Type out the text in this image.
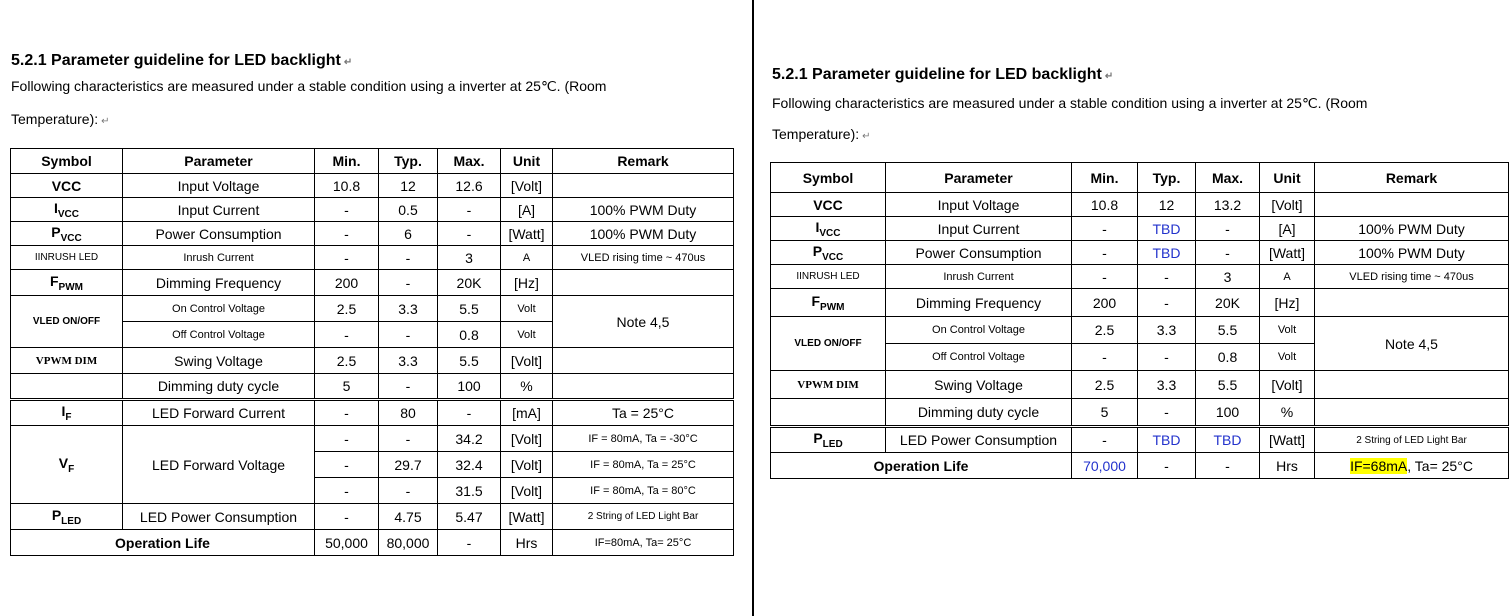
5.2.1 Parameter guideline for LED backlight ↵
Following characteristics are measured under a stable condition using a inverter at 25℃. (Room
Temperature): ↵
Symbol	Parameter	Min.	Typ.	Max.	Unit	Remark
VCC	Input Voltage	10.8	12	12.6	[Volt]	
$I_{VCC}$	Input Current	-	0.5	-	[A]	100% PWM Duty
$P_{VCC}$	Power Consumption	-	6	-	[Watt]	100% PWM Duty
IINRUSH LED	Inrush Current	-	-	3	A	VLED rising time ~ 470us
$F_{PWM}$	Dimming Frequency	200	-	20K	[Hz]	
VLED ON/OFF	On Control Voltage	2.5	3.3	5.5	Volt	Note 4,5
	Off Control Voltage	-	-	0.8	Volt	
VPWM DIM	Swing Voltage	2.5	3.3	5.5	[Volt]	
	Dimming duty cycle	5	-	100	%	
$I_F$	LED Forward Current	-	80	-	[mA]	Ta = 25°C
$V_F$	LED Forward Voltage	-	-	34.2	[Volt]	IF = 80mA, Ta = -30°C
		-	29.7	32.4	[Volt]	IF = 80mA, Ta = 25°C
		-	-	31.5	[Volt]	IF = 80mA, Ta = 80°C
$P_{LED}$	LED Power Consumption	-	4.75	5.47	[Watt]	2 String of LED Light Bar
Operation Life		50,000	80,000	-	Hrs	IF=80mA, Ta= 25°C
5.2.1 Parameter guideline for LED backlight ↵
Following characteristics are measured under a stable condition using a inverter at 25℃. (Room
Temperature): ↵
Symbol	Parameter	Min.	Typ.	Max.	Unit	Remark
VCC	Input Voltage	10.8	12	13.2	[Volt]	
$I_{VCC}$	Input Current	-	TBD	-	[A]	100% PWM Duty
$P_{VCC}$	Power Consumption	-	TBD	-	[Watt]	100% PWM Duty
IINRUSH LED	Inrush Current	-	-	3	A	VLED rising time ~ 470us
$F_{PWM}$	Dimming Frequency	200	-	20K	[Hz]	
VLED ON/OFF	On Control Voltage	2.5	3.3	5.5	Volt	Note 4,5
	Off Control Voltage	-	-	0.8	Volt	
VPWM DIM	Swing Voltage	2.5	3.3	5.5	[Volt]	
	Dimming duty cycle	5	-	100	%	
$P_{LED}$	LED Power Consumption	-	TBD	TBD	[Watt]	2 String of LED Light Bar
Operation Life		70,000	-	-	Hrs	IF=68mA, Ta= 25°C
